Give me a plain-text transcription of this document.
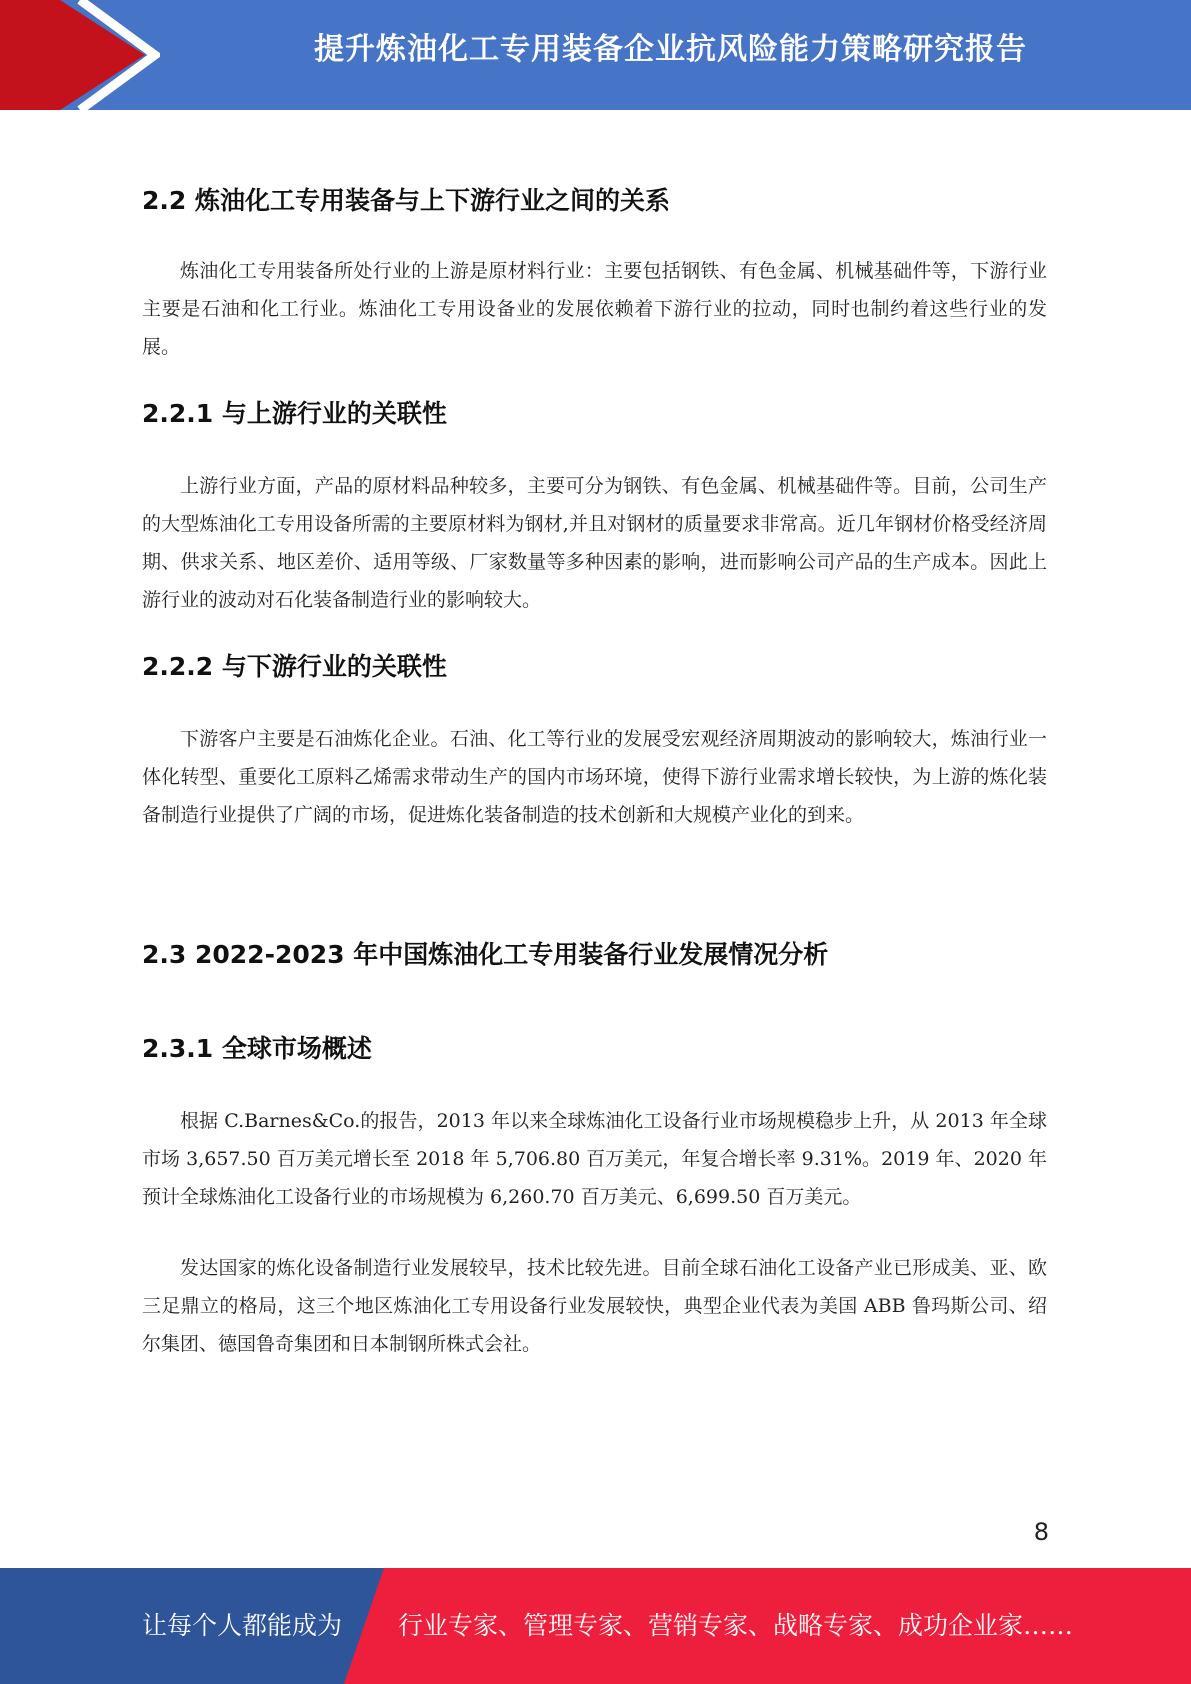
提升炼油化工专用装备企业抗风险能力策略研究报告
2.2 炼油化工专用装备与上下游行业之间的关系

炼油化工专用装备所处行业的上游是原材料行业：主要包括钢铁、有色金属、机械基础件等，下游行业主要是石油和化工行业。炼油化工专用设备业的发展依赖着下游行业的拉动，同时也制约着这些行业的发展。

2.2.1 与上游行业的关联性

上游行业方面，产品的原材料品种较多，主要可分为钢铁、有色金属、机械基础件等。目前，公司生产的大型炼油化工专用设备所需的主要原材料为钢材,并且对钢材的质量要求非常高。近几年钢材价格受经济周期、供求关系、地区差价、适用等级、厂家数量等多种因素的影响，进而影响公司产品的生产成本。因此上游行业的波动对石化装备制造行业的影响较大。

2.2.2 与下游行业的关联性

下游客户主要是石油炼化企业。石油、化工等行业的发展受宏观经济周期波动的影响较大，炼油行业一体化转型、重要化工原料乙烯需求带动生产的国内市场环境，使得下游行业需求增长较快，为上游的炼化装备制造行业提供了广阔的市场，促进炼化装备制造的技术创新和大规模产业化的到来。

2.3 2022-2023 年中国炼油化工专用装备行业发展情况分析
2.3.1 全球市场概述

根据 C.Barnes&Co.的报告，2013 年以来全球炼油化工设备行业市场规模稳步上升，从 2013 年全球市场 3,657.50 百万美元增长至 2018 年 5,706.80 百万美元，年复合增长率 9.31%。2019 年、2020 年预计全球炼油化工设备行业的市场规模为 6,260.70 百万美元、6,699.50 百万美元。

发达国家的炼化设备制造行业发展较早，技术比较先进。目前全球石油化工设备产业已形成美、亚、欧三足鼎立的格局，这三个地区炼油化工专用设备行业发展较快，典型企业代表为美国 ABB 鲁玛斯公司、绍尔集团、德国鲁奇集团和日本制钢所株式会社。

8
让每个人都能成为 行业专家、管理专家、营销专家、战略专家、成功企业家……
